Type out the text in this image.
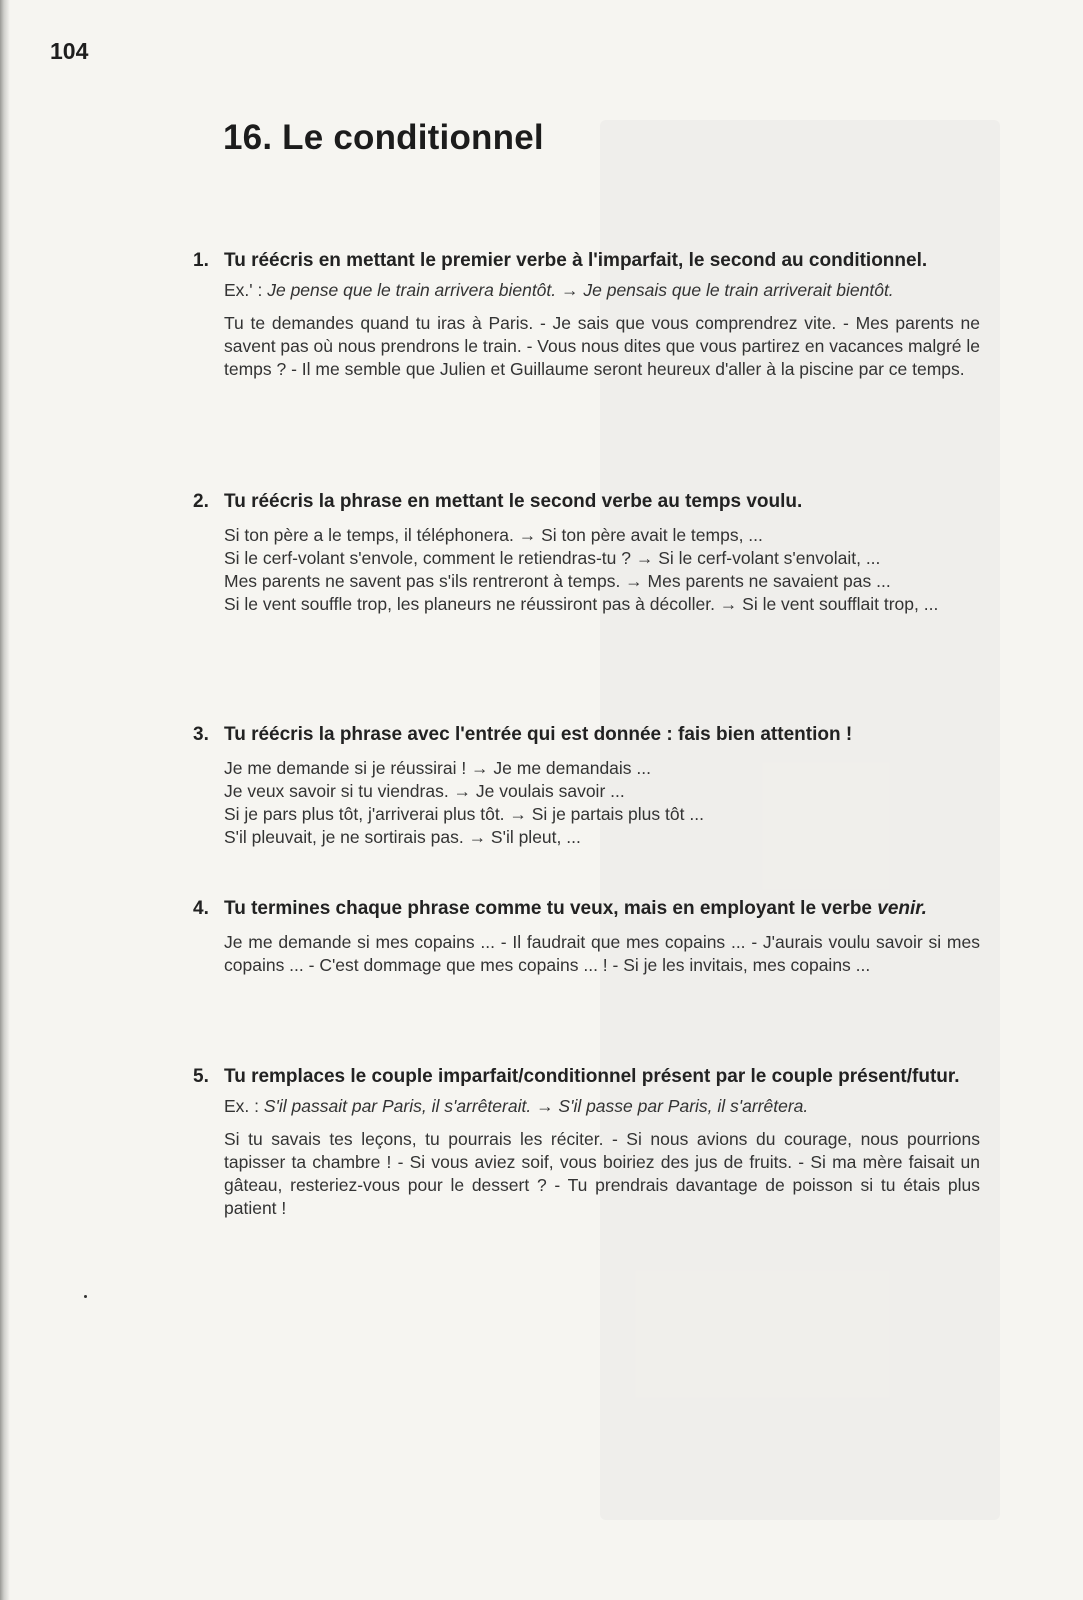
104
16. Le conditionnel
1. Tu réécris en mettant le premier verbe à l'imparfait, le second au conditionnel.
Ex.' : Je pense que le train arrivera bientôt. → Je pensais que le train arriverait bientôt.
Tu te demandes quand tu iras à Paris. - Je sais que vous comprendrez vite. - Mes parents ne savent pas où nous prendrons le train. - Vous nous dites que vous partirez en vacances malgré le temps ? - Il me semble que Julien et Guillaume seront heureux d'aller à la piscine par ce temps.
2. Tu réécris la phrase en mettant le second verbe au temps voulu.
Si ton père a le temps, il téléphonera. → Si ton père avait le temps, ...
Si le cerf-volant s'envole, comment le retiendras-tu ? → Si le cerf-volant s'envolait, ...
Mes parents ne savent pas s'ils rentreront à temps. → Mes parents ne savaient pas ...
Si le vent souffle trop, les planeurs ne réussiront pas à décoller. → Si le vent soufflait trop, ...
3. Tu réécris la phrase avec l'entrée qui est donnée : fais bien attention !
Je me demande si je réussirai ! → Je me demandais ...
Je veux savoir si tu viendras. → Je voulais savoir ...
Si je pars plus tôt, j'arriverai plus tôt. → Si je partais plus tôt ...
S'il pleuvait, je ne sortirais pas. → S'il pleut, ...
4. Tu termines chaque phrase comme tu veux, mais en employant le verbe venir.
Je me demande si mes copains ... - Il faudrait que mes copains ... - J'aurais voulu savoir si mes copains ... - C'est dommage que mes copains ... ! - Si je les invitais, mes copains ...
5. Tu remplaces le couple imparfait/conditionnel présent par le couple présent/futur.
Ex. : S'il passait par Paris, il s'arrêterait. → S'il passe par Paris, il s'arrêtera.
Si tu savais tes leçons, tu pourrais les réciter. - Si nous avions du courage, nous pourrions tapisser ta chambre ! - Si vous aviez soif, vous boiriez des jus de fruits. - Si ma mère faisait un gâteau, resteriez-vous pour le dessert ? - Tu prendrais davantage de poisson si tu étais plus patient !
